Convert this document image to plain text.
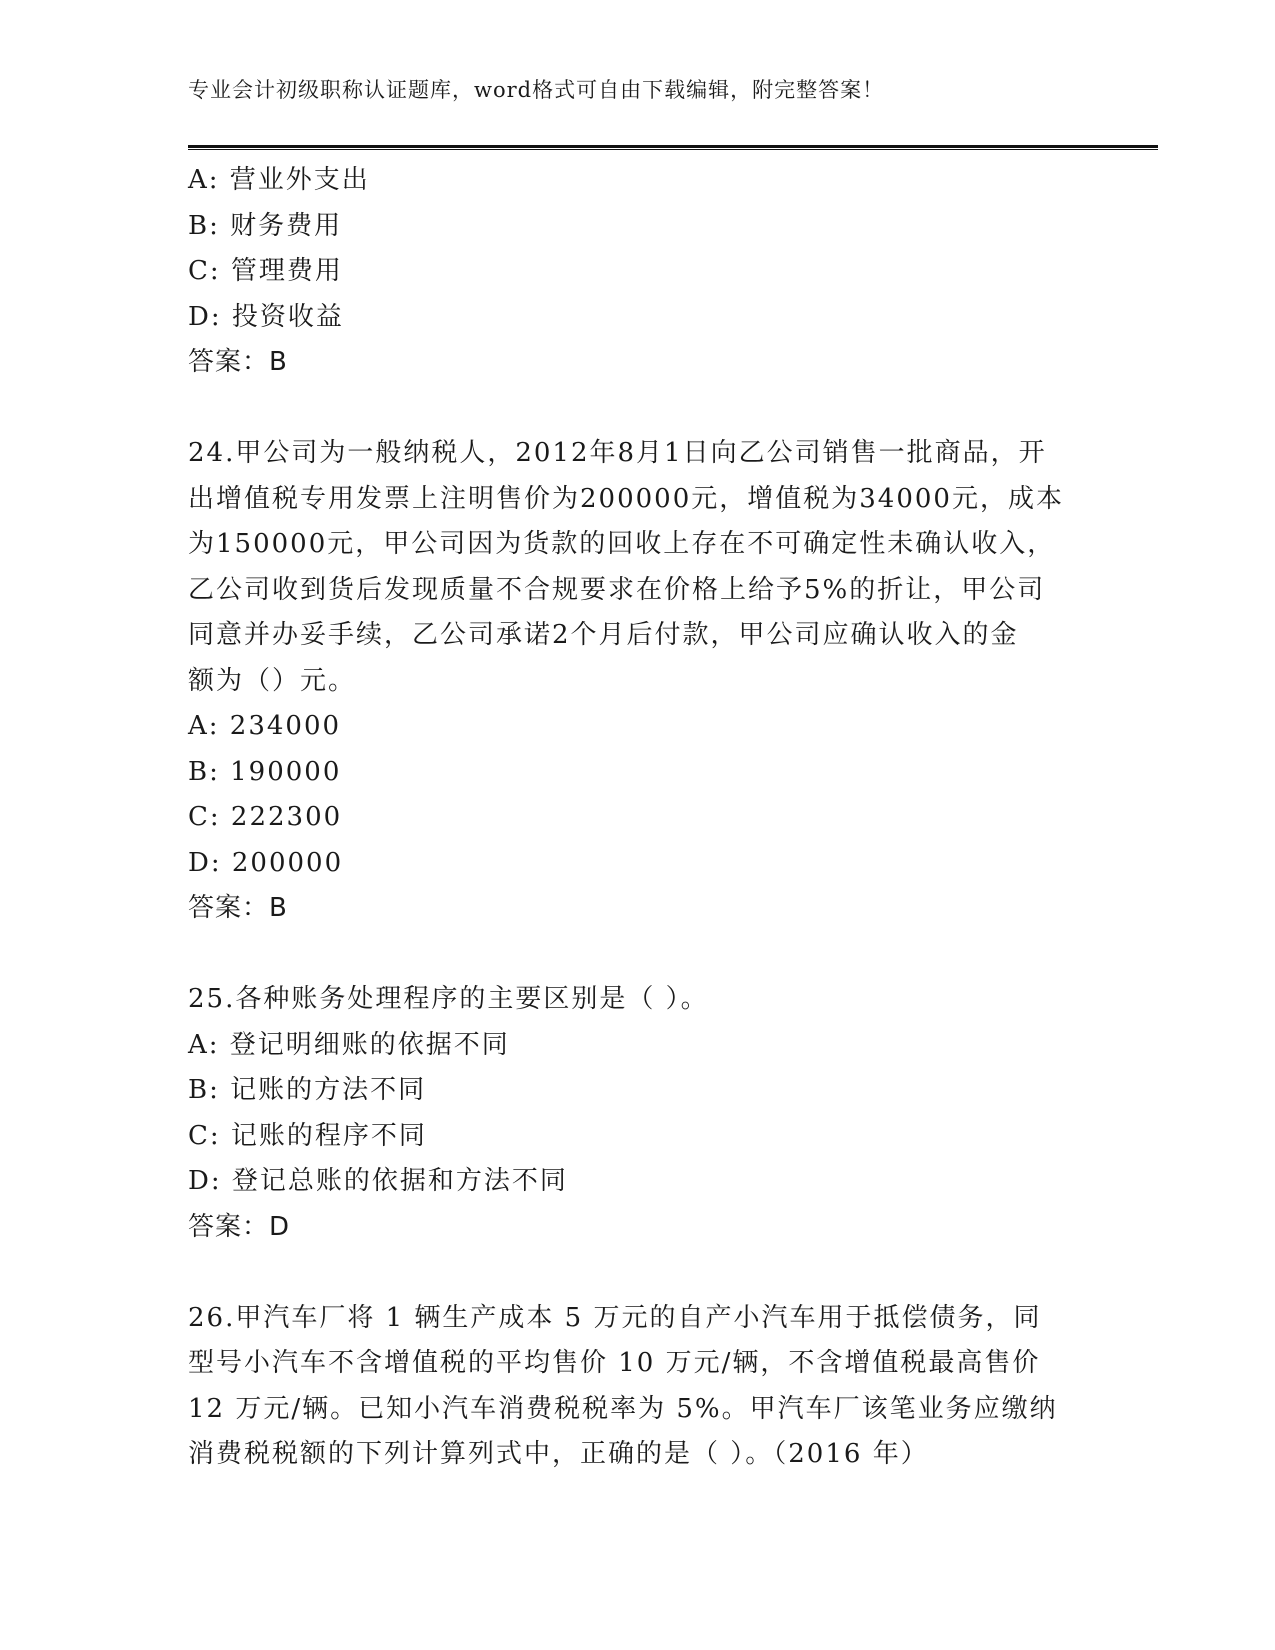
专业会计初级职称认证题库，word格式可自由下载编辑，附完整答案！
A: 营业外支出
B: 财务费用
C: 管理费用
D: 投资收益
答案：B
24.甲公司为一般纳税人，2012年8月1日向乙公司销售一批商品，开
出增值税专用发票上注明售价为200000元，增值税为34000元，成本
为150000元，甲公司因为货款的回收上存在不可确定性未确认收入，
乙公司收到货后发现质量不合规要求在价格上给予5%的折让，甲公司
同意并办妥手续，乙公司承诺2个月后付款，甲公司应确认收入的金
额为（）元。
A: 234000
B: 190000
C: 222300
D: 200000
答案：B
25.各种账务处理程序的主要区别是（ ）。
A: 登记明细账的依据不同
B: 记账的方法不同
C: 记账的程序不同
D: 登记总账的依据和方法不同
答案：D
26.甲汽车厂将 1 辆生产成本 5 万元的自产小汽车用于抵偿债务，同
型号小汽车不含增值税的平均售价 10 万元/辆，不含增值税最高售价
12 万元/辆。已知小汽车消费税税率为 5%。甲汽车厂该笔业务应缴纳
消费税税额的下列计算列式中，正确的是（ ）。（2016 年）
